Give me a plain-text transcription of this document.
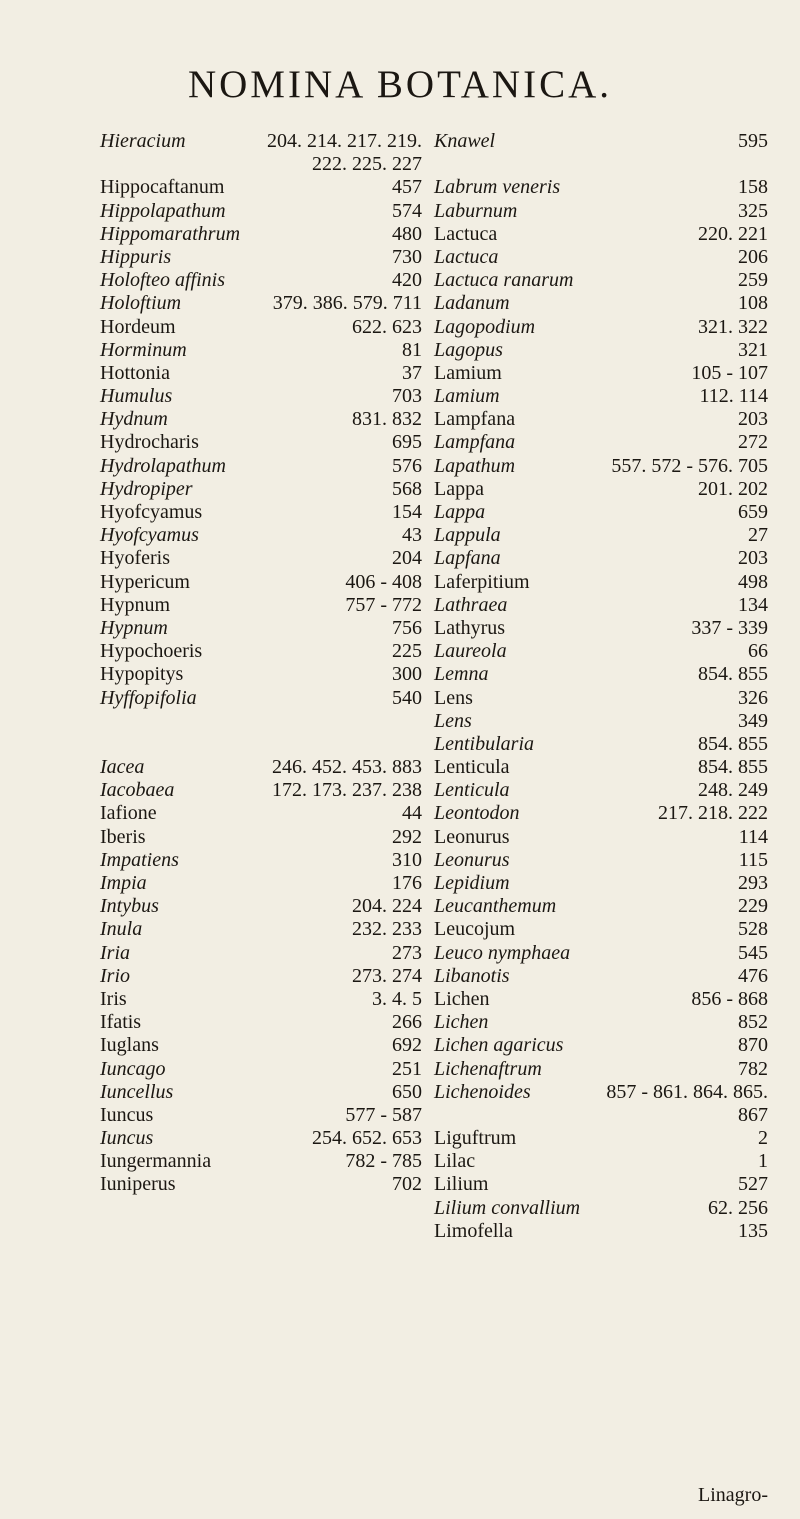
NOMINA BOTANICA.
Hieracium	204. 214. 217. 219.
222. 225. 227
Hippocaftanum	457
Hippolapathum	574
Hippomarathrum	480
Hippuris	730
Holofteo affinis	420
Holoftium	379. 386. 579. 711
Hordeum	622. 623
Horminum	81
Hottonia	37
Humulus	703
Hydnum	831. 832
Hydrocharis	695
Hydrolapathum	576
Hydropiper	568
Hyofcyamus	154
Hyofcyamus	43
Hyoferis	204
Hypericum	406 - 408
Hypnum	757 - 772
Hypnum	756
Hypochoeris	225
Hypopitys	300
Hyffopifolia	540
Iacea	246. 452. 453. 883
Iacobaea	172. 173. 237. 238
Iafione	44
Iberis	292
Impatiens	310
Impia	176
Intybus	204. 224
Inula	232. 233
Iria	273
Irio	273. 274
Iris	3. 4. 5
Ifatis	266
Iuglans	692
Iuncago	251
Iuncellus	650
Iuncus	577 - 587
Iuncus	254. 652. 653
Iungermannia	782 - 785
Iuniperus	702
Knawel	595
Labrum veneris	158
Laburnum	325
Lactuca	220. 221
Lactuca	206
Lactuca ranarum	259
Ladanum	108
Lagopodium	321. 322
Lagopus	321
Lamium	105 - 107
Lamium	112. 114
Lampfana	203
Lampfana	272
Lapathum	557. 572 - 576. 705
Lappa	201. 202
Lappa	659
Lappula	27
Lapfana	203
Laferpitium	498
Lathraea	134
Lathyrus	337 - 339
Laureola	66
Lemna	854. 855
Lens	326
Lens	349
Lentibularia	854. 855
Lenticula	854. 855
Lenticula	248. 249
Leontodon	217. 218. 222
Leonurus	114
Leonurus	115
Lepidium	293
Leucanthemum	229
Leucojum	528
Leuco nymphaea	545
Libanotis	476
Lichen	856 - 868
Lichen	852
Lichen agaricus	870
Lichenaftrum	782
Lichenoides	857 - 861. 864. 865.
867
Liguftrum	2
Lilac	1
Lilium	527
Lilium convallium	62. 256
Limofella	135
Linagro-
